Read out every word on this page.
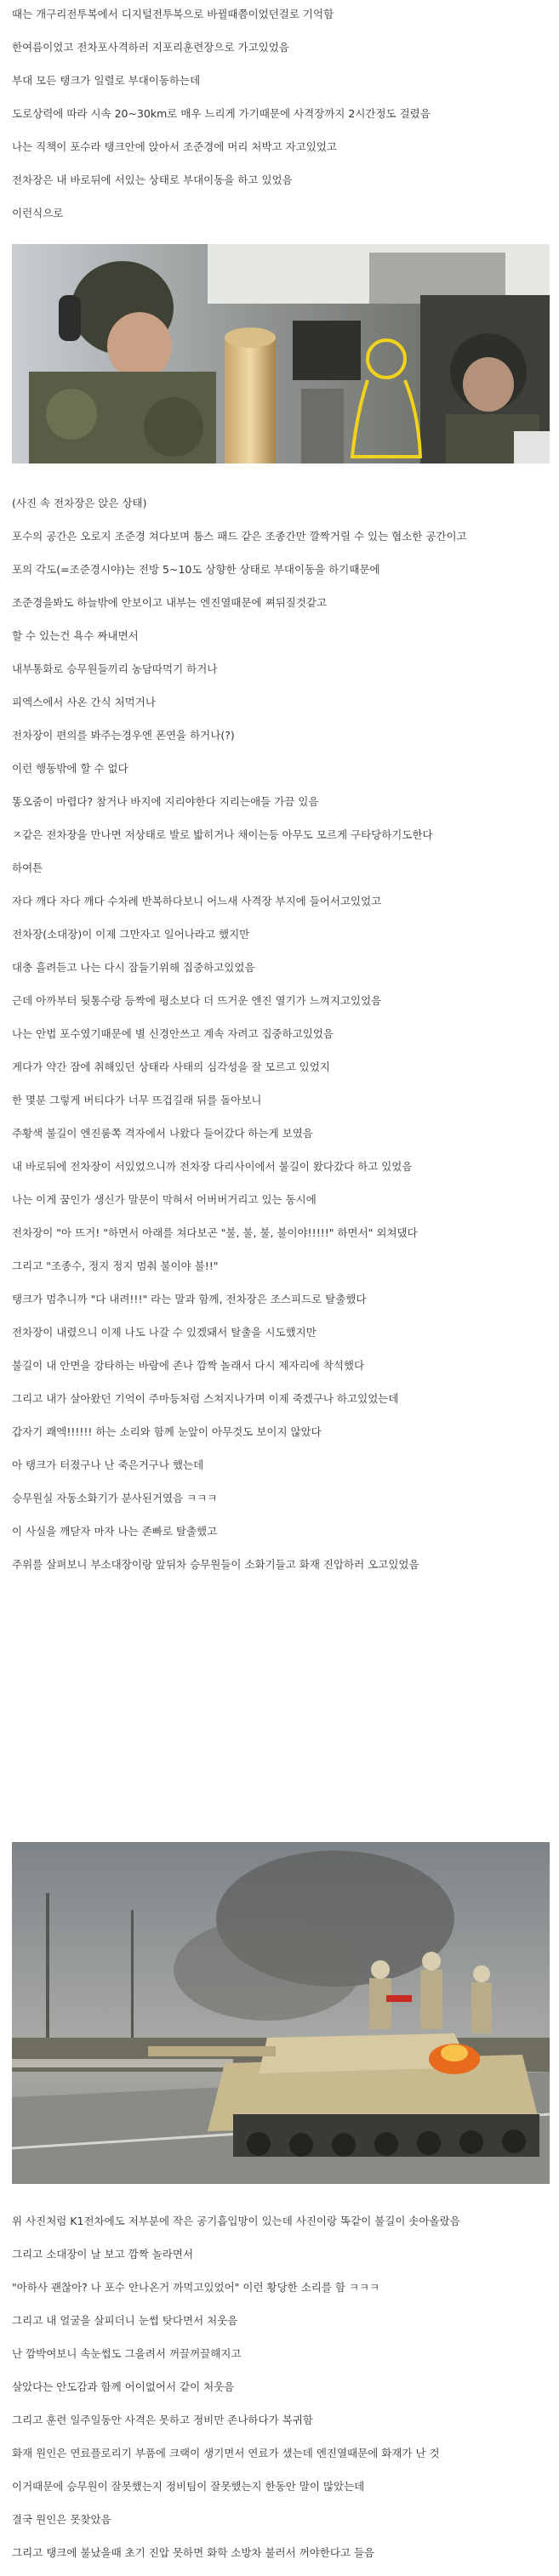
때는 개구리전투복에서 디지털전투복으로 바뀔때쯤이었던걸로 기억함
한여름이었고 전차포사격하러 지포리훈련장으로 가고있었음
부대 모든 탱크가 일렬로 부대이동하는데
도로상력에 따라 시속 20~30km로 매우 느리게 가기때문에 사격장까지 2시간정도 걸렸음
나는 직책이 포수라 탱크안에 앉아서 조준경에 머리 처박고 자고있었고
전차장은 내 바로뒤에 서있는 상태로 부대이동을 하고 있었음
이런식으로
(사진 속 전차장은 앉은 상태)
포수의 공간은 오로지 조준경 쳐다보며 툼스 패드 같은 조종간만 깔짝거릴 수 있는 협소한 공간이고
포의 각도(=조준경시야)는 전방 5~10도 상향한 상태로 부대이동을 하기때문에
조준경을봐도 하늘밖에 안보이고 내부는 엔진열때문에 쪄뒤질것같고
할 수 있는건 욕수 짜내면서
내부통화로 승무원들끼리 농담따먹기 하거나
피엑스에서 사온 간식 처먹거나
전차장이 편의를 봐주는경우엔 폰연을 하거나(?)
이런 행동밖에 할 수 없다
똥오줌이 마렵다? 참거나 바지에 지리야한다 지리는애들 가끔 있음
ㅈ같은 전차장을 만나면 저상태로 발로 밟히거나 채이는등 아무도 모르게 구타당하기도한다
하여튼
자다 깨다 자다 깨다 수차례 반복하다보니 어느새 사격장 부지에 들어서고있었고
전차장(소대장)이 이제 그만자고 일어나라고 했지만
대충 흘려듣고 나는 다시 잠들기위해 집중하고있었음
근데 아까부터 뒷통수랑 등짝에 평소보다 더 뜨거운 엔진 열기가 느껴지고있었음
나는 안법 포수였기때문에 별 신경안쓰고 계속 자려고 집중하고있었음
게다가 약간 잠에 취해있던 상태라 사태의 심각성을 잘 모르고 있었지
한 몇분 그렇게 버티다가 너무 뜨겁길래 뒤를 돌아보니
주황색 불길이 엔진룸쪽 격자에서 나왔다 들어갔다 하는게 보였음
내 바로뒤에 전차장이 서있었으니까 전차장 다리사이에서 불길이 왔다갔다 하고 있었음
나는 이게 꿈인가 생신가 말문이 막혀서 어버버거리고 있는 동시에
전차장이 "아 뜨거! "하면서 아래를 쳐다보곤 "불, 불, 불, 불이야!!!!!" 하면서" 외쳐댔다
그리고 "조종수, 정지 정지 멈춰 불이야 불!!"
탱크가 멈추니까 "다 내려!!!" 라는 말과 함께, 전차장은 조스피드로 탈출했다
전차장이 내렸으니 이제 나도 나갈 수 있겠돼서 탈출을 시도했지만
불길이 내 안면을 강타하는 바람에 존나 깜짝 놀래서 다시 제자리에 착석했다
그리고 내가 살아왔던 기억이 주마등처럼 스쳐지나가며 이제 죽겠구나 하고있었는데
갑자기 쾌엑!!!!!! 하는 소리와 함께 눈앞이 아무것도 보이지 않았다
아 탱크가 터졌구나 난 죽은거구나 했는데
승무원실 자동소화기가 분사된거였음 ㅋㅋㅋ
이 사실을 깨닫자 마자 나는 존빠로 탈출했고
주위를 살펴보니 부소대장이랑 앞뒤차 승무원들이 소화기들고 화재 진압하러 오고있었음
위 사진처럼 K1전차에도 저부분에 작은 공기흡입망이 있는데 사진이랑 똑같이 불길이 솟아올랐음
그리고 소대장이 날 보고 깜짝 놀라면서
"아하사 괜찮아? 나 포수 안나온거 까먹고있었어" 이런 황당한 소리를 함 ㅋㅋㅋ
그리고 내 얼굴을 살피더니 눈썹 탓다면서 처웃음
난 깜박여보니 속눈썹도 그을려서 꺼끌꺼끌해지고
살았다는 안도감과 함께 어이없어서 같이 처웃음
그리고 훈련 일주일동안 사격은 못하고 정비만 존나하다가 복귀함
화재 원인은 연료플로리기 부품에 크랙이 생기면서 연료가 샜는데 엔진열때문에 화재가 난 것
이거때문에 승무원이 잘못했는지 정비팀이 잘못했는지 한동안 말이 많았는데
결국 원인은 못찾았음
그리고 탱크에 불났을때 초기 진압 못하면 화학 소방차 불러서 꺼야한다고 들음
